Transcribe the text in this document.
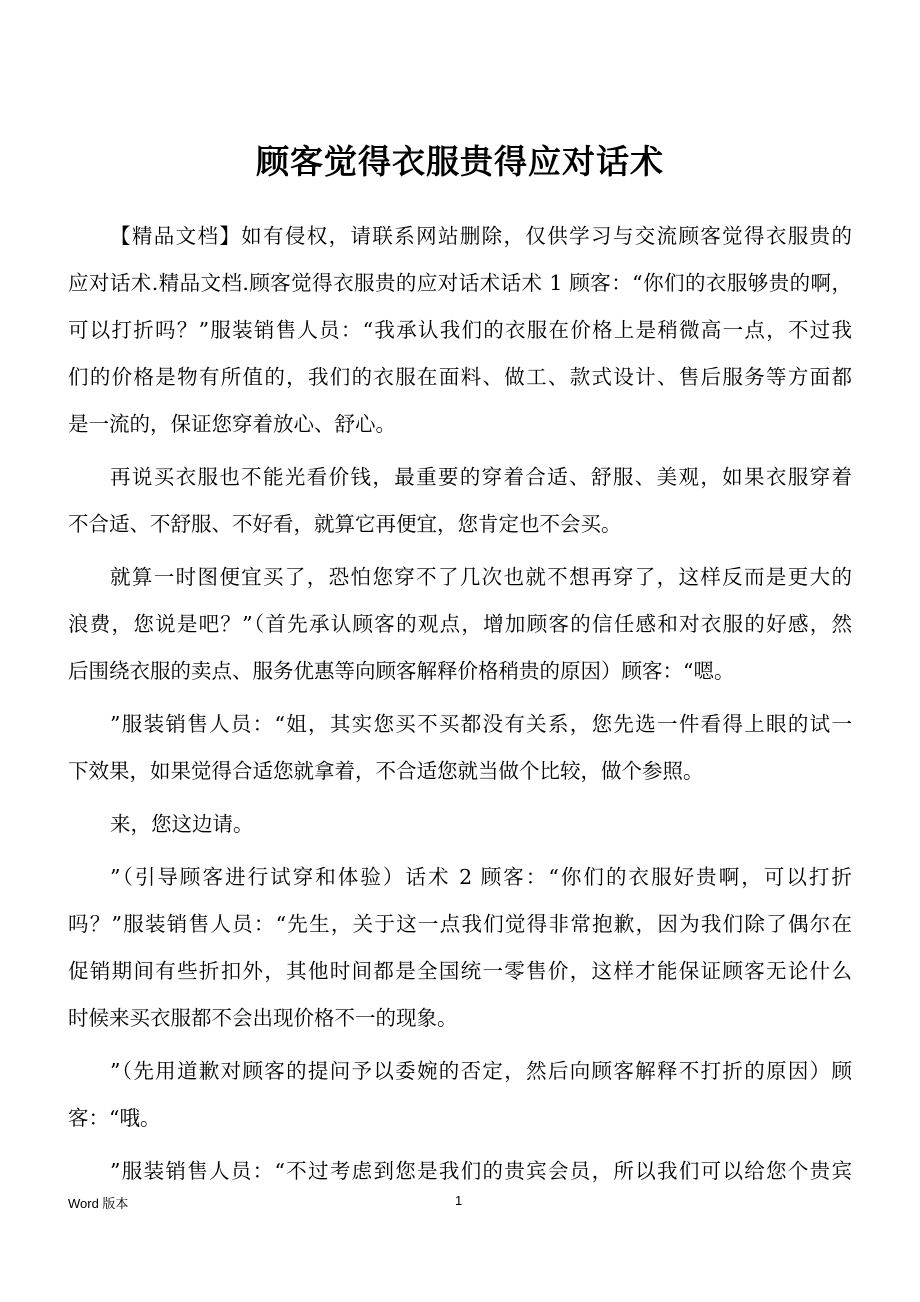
顾客觉得衣服贵得应对话术
【精品文档】如有侵权，请联系网站删除，仅供学习与交流顾客觉得衣服贵的
应对话术.精品文档.顾客觉得衣服贵的应对话术话术 1 顾客：“你们的衣服够贵的啊，
可以打折吗？”服装销售人员：“我承认我们的衣服在价格上是稍微高一点，不过我
们的价格是物有所值的，我们的衣服在面料、做工、款式设计、售后服务等方面都
是一流的，保证您穿着放心、舒心。
再说买衣服也不能光看价钱，最重要的穿着合适、舒服、美观，如果衣服穿着
不合适、不舒服、不好看，就算它再便宜，您肯定也不会买。
就算一时图便宜买了，恐怕您穿不了几次也就不想再穿了，这样反而是更大的
浪费，您说是吧？”（首先承认顾客的观点，增加顾客的信任感和对衣服的好感，然
后围绕衣服的卖点、服务优惠等向顾客解释价格稍贵的原因）顾客：“嗯。
”服装销售人员：“姐，其实您买不买都没有关系，您先选一件看得上眼的试一
下效果，如果觉得合适您就拿着，不合适您就当做个比较，做个参照。
来，您这边请。
”（引导顾客进行试穿和体验）话术 2 顾客：“你们的衣服好贵啊，可以打折
吗？”服装销售人员：“先生，关于这一点我们觉得非常抱歉，因为我们除了偶尔在
促销期间有些折扣外，其他时间都是全国统一零售价，这样才能保证顾客无论什么
时候来买衣服都不会出现价格不一的现象。
”（先用道歉对顾客的提问予以委婉的否定，然后向顾客解释不打折的原因）顾
客：“哦。
”服装销售人员：“不过考虑到您是我们的贵宾会员，所以我们可以给您个贵宾
Word 版本	1
